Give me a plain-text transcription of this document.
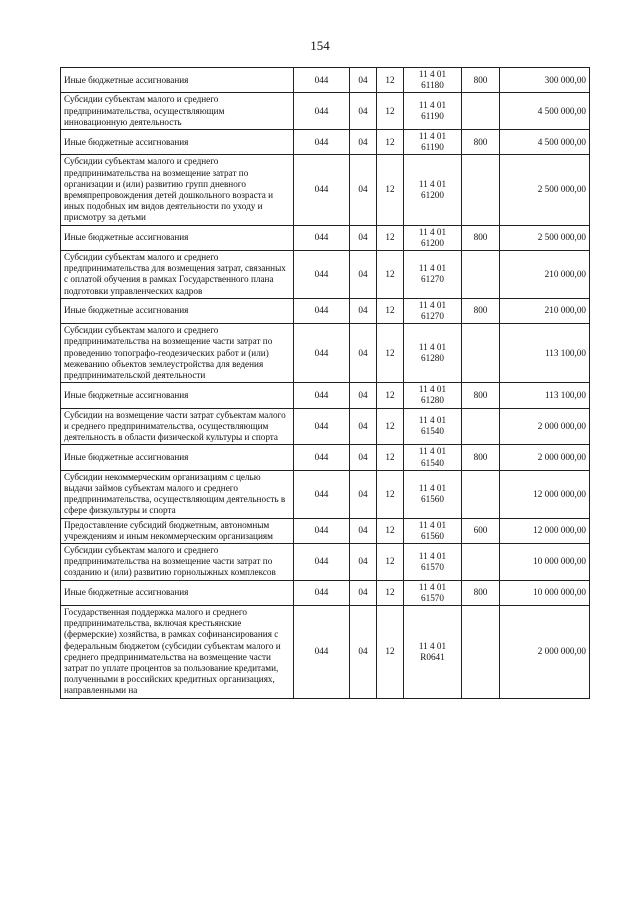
154
Иные бюджетные ассигнования	044	04	12	11 4 01 61180	800	300 000,00
Субсидии субъектам малого и среднего предпринимательства, осуществляющим инновационную деятельность	044	04	12	11 4 01 61190		4 500 000,00
Иные бюджетные ассигнования	044	04	12	11 4 01 61190	800	4 500 000,00
Субсидии субъектам малого и среднего предпринимательства на возмещение затрат по организации и (или) развитию групп дневного времяпрепровождения детей дошкольного возраста и иных подобных им видов деятельности по уходу и присмотру за детьми	044	04	12	11 4 01 61200		2 500 000,00
Иные бюджетные ассигнования	044	04	12	11 4 01 61200	800	2 500 000,00
Субсидии субъектам малого и среднего предпринимательства для возмещения затрат, связанных с оплатой обучения в рамках Государственного плана подготовки управленческих кадров	044	04	12	11 4 01 61270		210 000,00
Иные бюджетные ассигнования	044	04	12	11 4 01 61270	800	210 000,00
Субсидии субъектам малого и среднего предпринимательства на возмещение части затрат по проведению топографо-геодезических работ и (или) межеванию объектов землеустройства для ведения предпринимательской деятельности	044	04	12	11 4 01 61280		113 100,00
Иные бюджетные ассигнования	044	04	12	11 4 01 61280	800	113 100,00
Субсидии на возмещение части затрат субъектам малого и среднего предпринимательства, осуществляющим деятельность в области физической культуры и спорта	044	04	12	11 4 01 61540		2 000 000,00
Иные бюджетные ассигнования	044	04	12	11 4 01 61540	800	2 000 000,00
Субсидии некоммерческим организациям с целью выдачи займов субъектам малого и среднего предпринимательства, осуществляющим деятельность в сфере физкультуры и спорта	044	04	12	11 4 01 61560		12 000 000,00
Предоставление субсидий бюджетным, автономным учреждениям и иным некоммерческим организациям	044	04	12	11 4 01 61560	600	12 000 000,00
Субсидии субъектам малого и среднего предпринимательства на возмещение части затрат по созданию и (или) развитию горнолыжных комплексов	044	04	12	11 4 01 61570		10 000 000,00
Иные бюджетные ассигнования	044	04	12	11 4 01 61570	800	10 000 000,00
Государственная поддержка малого и среднего предпринимательства, включая крестьянские (фермерские) хозяйства, в рамках софинансирования с федеральным бюджетом (субсидии субъектам малого и среднего предпринимательства на возмещение части затрат по уплате процентов за пользование кредитами, полученными в российских кредитных организациях, направленными на	044	04	12	11 4 01 R0641		2 000 000,00
